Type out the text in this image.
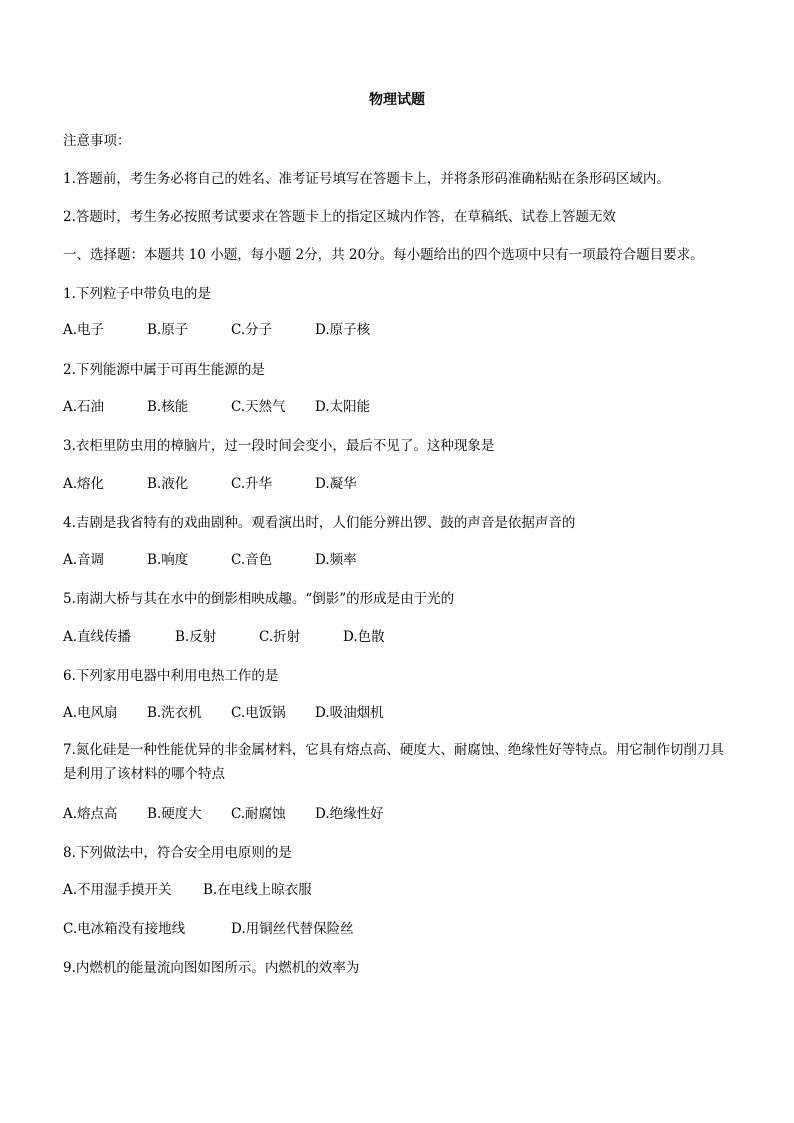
物理试题
注意事项：
1.答题前，考生务必将自己的姓名、准考证号填写在答题卡上，并将条形码准确粘贴在条形码区域内。
2.答题时，考生务必按照考试要求在答题卡上的指定区城内作答，在草稿纸、试卷上答题无效
一、选择题：本题共 10 小题，每小题 2分，共 20分。每小题给出的四个选项中只有一项最符合题目要求。
1.下列粒子中带负电的是
A.电子	B.原子	C.分子	D.原子核
2.下列能源中属于可再生能源的是
A.石油	B.核能	C.天然气 D.太阳能
3.衣柜里防虫用的樟脑片，过一段时间会变小，最后不见了。这种现象是
A.熔化	B.液化	C.升华	D.凝华
4.吉剧是我省特有的戏曲剧种。观看演出时，人们能分辨出锣、鼓的声音是依据声音的
A.音调	B.响度	C.音色	D.频率
5.南湖大桥与其在水中的倒影相映成趣。“倒影”的形成是由于光的
A.直线传播	B.反射	C.折射	D.色散
6.下列家用电器中利用电热工作的是
A.电风扇 B.洗衣机 C.电饭锅 D.吸油烟机
7.氮化硅是一种性能优异的非金属材料，它具有熔点高、硬度大、耐腐蚀、绝缘性好等特点。用它制作切削刀具是利用了该材料的哪个特点
A.熔点高 B.硬度大 C.耐腐蚀 D.绝缘性好
8.下列做法中，符合安全用电原则的是
A.不用湿手摸开关 B.在电线上晾衣服
C.电冰箱没有接地线	D.用铜丝代替保险丝
9.内燃机的能量流向图如图所示。内燃机的效率为
